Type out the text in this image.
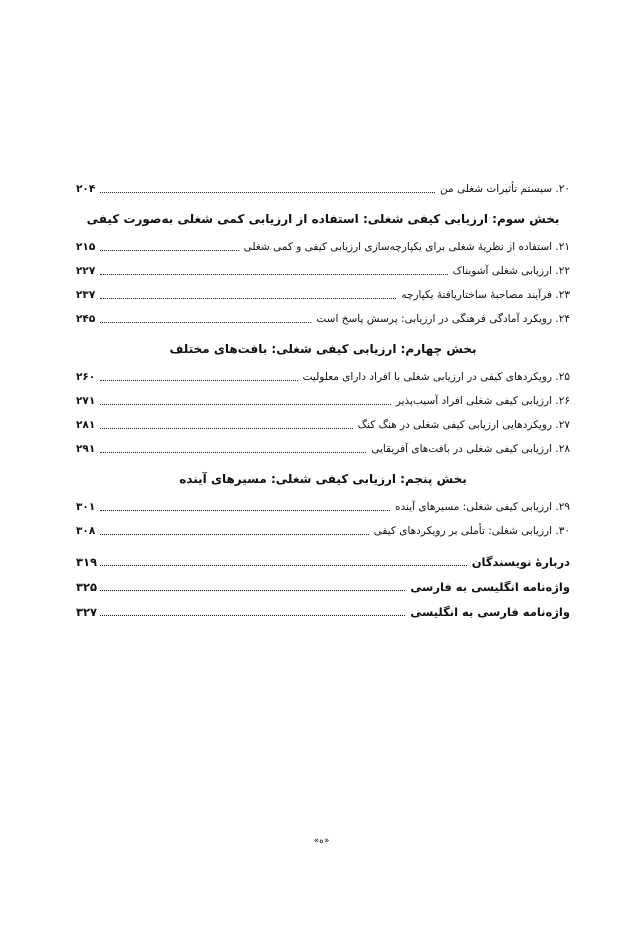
۲۰. سیستم تأثیرات شغلی من
۲۰۴
بخش سوم: ارزیابی کیفی شغلی: استفاده از ارزیابی کمی شغلی به‌صورت کیفی
۲۱. استفاده از نظریهٔ شغلی برای یکپارچه‌سازی ارزیابی کیفی و کمی شغلی
۲۱۵
۲۲. ارزیابی شغلی آشوبناک
۲۲۷
۲۳. فرآیند مصاحبهٔ ساختاریافتهٔ یکپارچه
۲۳۷
۲۴. رویکرد آمادگی فرهنگی در ارزیابی: پرسش پاسخ است
۲۴۵
بخش چهارم: ارزیابی کیفی شغلی: بافت‌های مختلف
۲۵. رویکردهای کیفی در ارزیابی شغلی با افراد دارای معلولیت
۲۶۰
۲۶. ارزیابی کیفی شغلی افراد آسیب‌پذیر
۲۷۱
۲۷. رویکردهایی ارزیابی کیفی شغلی در هنگ کنگ
۲۸۱
۲۸. ارزیابی کیفی شغلی در بافت‌های آفریقایی
۲۹۱
بخش پنجم: ارزیابی کیفی شغلی: مسیرهای آینده
۲۹. ارزیابی کیفی شغلی: مسیرهای آینده
۳۰۱
۳۰. ارزیابی شغلی: تأملی بر رویکردهای کیفی
۳۰۸
دربارهٔ نویسندگان
۳۱۹
واژه‌نامه انگلیسی به فارسی
۳۲۵
واژه‌نامه فارسی به انگلیسی
۳۲۷
«ه»
